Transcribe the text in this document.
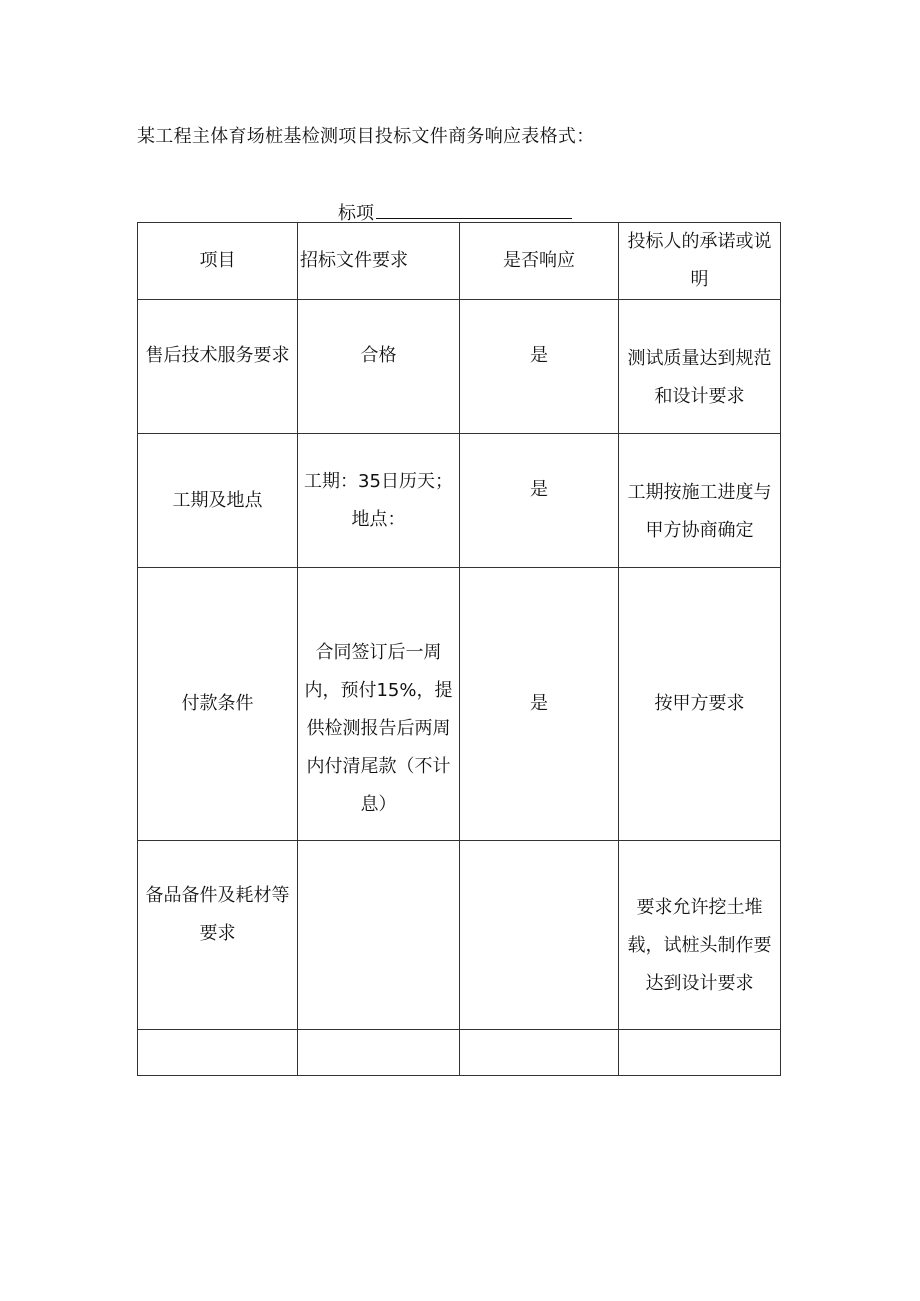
某工程主体育场桩基检测项目投标文件商务响应表格式：
标项
项目	招标文件要求	是否响应	投标人的承诺或说明
售后技术服务要求	合格	是	测试质量达到规范和设计要求
工期及地点	工期：35日历天；地点：	是	工期按施工进度与甲方协商确定
付款条件	合同签订后一周内，预付15%，提供检测报告后两周内付清尾款（不计息）	是	按甲方要求
备品备件及耗材等要求			要求允许挖土堆载，试桩头制作要达到设计要求
